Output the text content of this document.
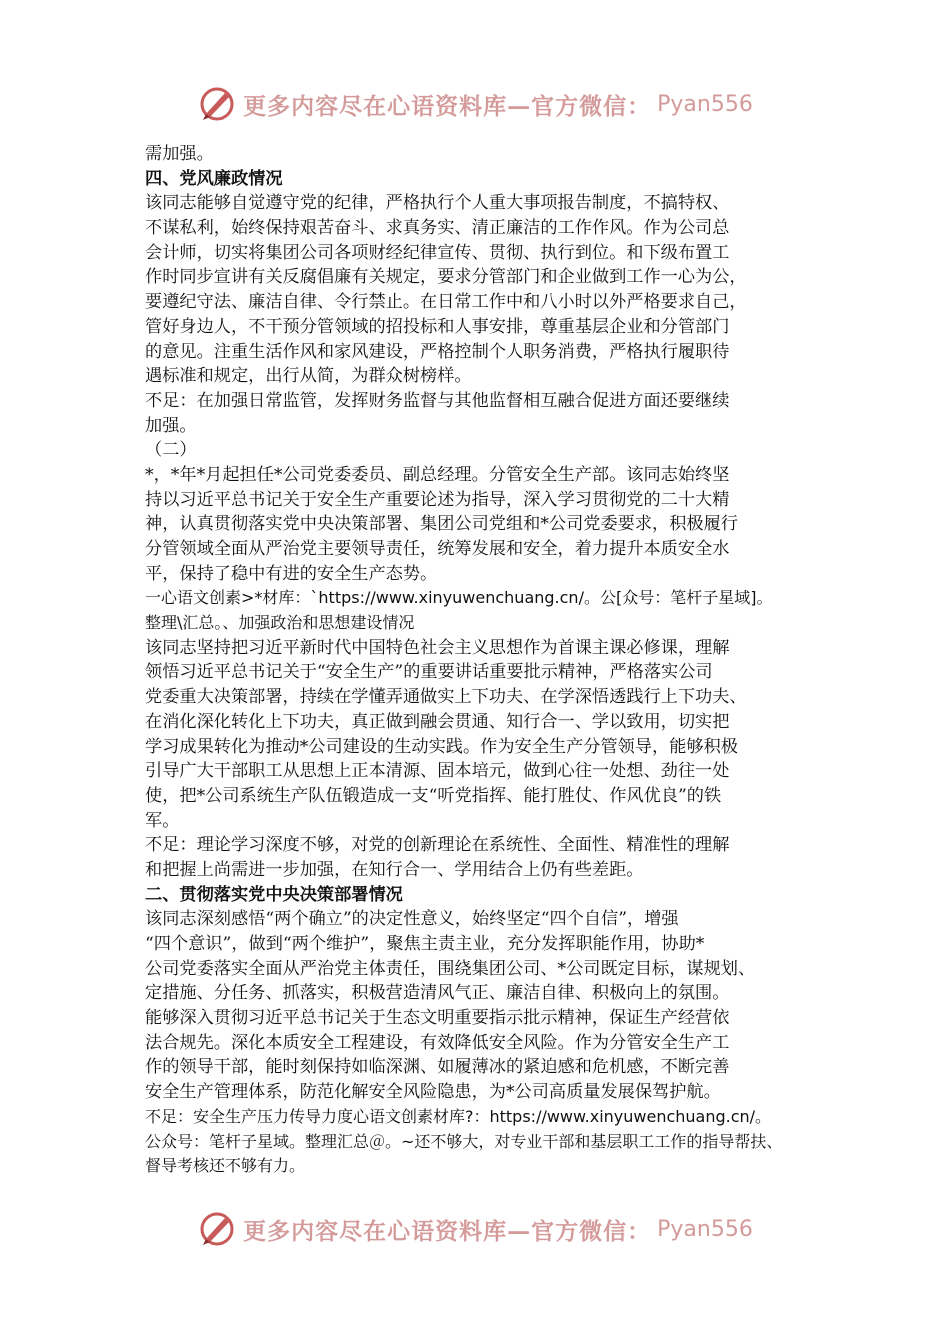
更多内容尽在心语资料库—官方微信： Pyan556
需加强。
四、党风廉政情况
该同志能够自觉遵守党的纪律，严格执行个人重大事项报告制度，不搞特权、
不谋私利，始终保持艰苦奋斗、求真务实、清正廉洁的工作作风。作为公司总
会计师，切实将集团公司各项财经纪律宣传、贯彻、执行到位。和下级布置工
作时同步宣讲有关反腐倡廉有关规定，要求分管部门和企业做到工作一心为公，
要遵纪守法、廉洁自律、令行禁止。在日常工作中和八小时以外严格要求自己，
管好身边人，不干预分管领域的招投标和人事安排，尊重基层企业和分管部门
的意见。注重生活作风和家风建设，严格控制个人职务消费，严格执行履职待
遇标准和规定，出行从简，为群众树榜样。
不足：在加强日常监管，发挥财务监督与其他监督相互融合促进方面还要继续
加强。
（二）
*，*年*月起担任*公司党委委员、副总经理。分管安全生产部。该同志始终坚
持以习近平总书记关于安全生产重要论述为指导，深入学习贯彻党的二十大精
神，认真贯彻落实党中央决策部署、集团公司党组和*公司党委要求，积极履行
分管领域全面从严治党主要领导责任，统筹发展和安全，着力提升本质安全水
平，保持了稳中有进的安全生产态势。
一心语文创素>*材库：`https://www.xinyuwenchuang.cn/。公[众号：笔杆子星域]。
整理\汇总。、加强政治和思想建设情况
该同志坚持把习近平新时代中国特色社会主义思想作为首课主课必修课，理解
领悟习近平总书记关于“安全生产”的重要讲话重要批示精神，严格落实公司
党委重大决策部署，持续在学懂弄通做实上下功夫、在学深悟透践行上下功夫、
在消化深化转化上下功夫，真正做到融会贯通、知行合一、学以致用，切实把
学习成果转化为推动*公司建设的生动实践。作为安全生产分管领导，能够积极
引导广大干部职工从思想上正本清源、固本培元，做到心往一处想、劲往一处
使，把*公司系统生产队伍锻造成一支“听党指挥、能打胜仗、作风优良”的铁
军。
不足：理论学习深度不够，对党的创新理论在系统性、全面性、精准性的理解
和把握上尚需进一步加强，在知行合一、学用结合上仍有些差距。
二、贯彻落实党中央决策部署情况
该同志深刻感悟“两个确立”的决定性意义，始终坚定“四个自信”，增强
“四个意识”，做到“两个维护”，聚焦主责主业，充分发挥职能作用，协助*
公司党委落实全面从严治党主体责任，围绕集团公司、*公司既定目标，谋规划、
定措施、分任务、抓落实，积极营造清风气正、廉洁自律、积极向上的氛围。
能够深入贯彻习近平总书记关于生态文明重要指示批示精神，保证生产经营依
法合规先。深化本质安全工程建设，有效降低安全风险。作为分管安全生产工
作的领导干部，能时刻保持如临深渊、如履薄冰的紧迫感和危机感，不断完善
安全生产管理体系，防范化解安全风险隐患，为*公司高质量发展保驾护航。
不足：安全生产压力传导力度心语文创素材库?：https://www.xinyuwenchuang.cn/。
公众号：笔杆子星域。整理汇总＠。~还不够大，对专业干部和基层职工工作的指导帮扶、
督导考核还不够有力。
更多内容尽在心语资料库—官方微信： Pyan556
